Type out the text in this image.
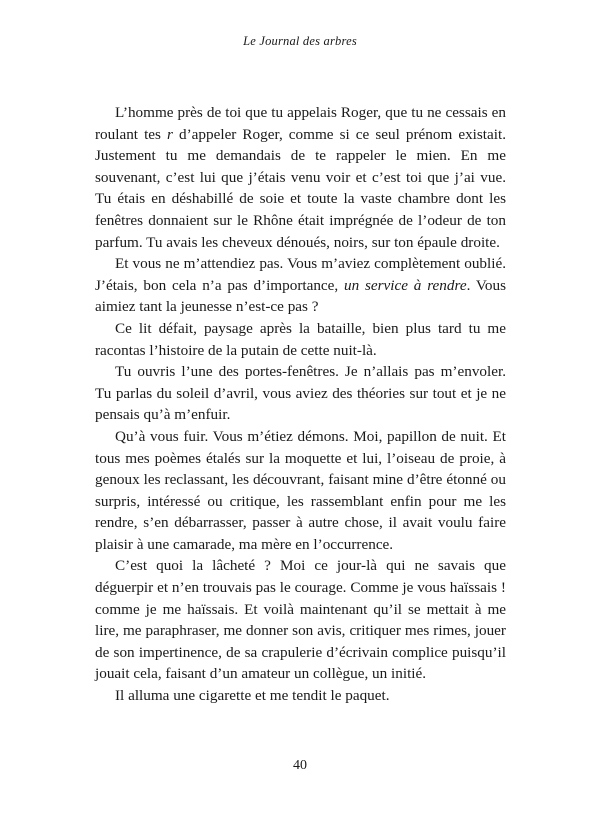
Le Journal des arbres

L’homme près de toi que tu appelais Roger, que tu ne cessais en roulant tes r d’appeler Roger, comme si ce seul prénom existait. Justement tu me demandais de te rappeler le mien. En me souvenant, c’est lui que j’étais venu voir et c’est toi que j’ai vue. Tu étais en déshabillé de soie et toute la vaste chambre dont les fenêtres donnaient sur le Rhône était imprégnée de l’odeur de ton parfum. Tu avais les cheveux dénoués, noirs, sur ton épaule droite.

Et vous ne m’attendiez pas. Vous m’aviez complètement oublié. J’étais, bon cela n’a pas d’importance, un service à rendre. Vous aimiez tant la jeunesse n’est-ce pas ?

Ce lit défait, paysage après la bataille, bien plus tard tu me racontas l’histoire de la putain de cette nuit-là.

Tu ouvris l’une des portes-fenêtres. Je n’allais pas m’envoler. Tu parlas du soleil d’avril, vous aviez des théories sur tout et je ne pensais qu’à m’enfuir.

Qu’à vous fuir. Vous m’étiez démons. Moi, papillon de nuit. Et tous mes poèmes étalés sur la moquette et lui, l’oiseau de proie, à genoux les reclassant, les découvrant, faisant mine d’être étonné ou surpris, intéressé ou critique, les rassemblant enfin pour me les rendre, s’en débarrasser, passer à autre chose, il avait voulu faire plaisir à une camarade, ma mère en l’occurrence.

C’est quoi la lâcheté ? Moi ce jour-là qui ne savais que déguerpir et n’en trouvais pas le courage. Comme je vous haïssais ! comme je me haïssais. Et voilà maintenant qu’il se mettait à me lire, me paraphraser, me donner son avis, critiquer mes rimes, jouer de son impertinence, de sa crapulerie d’écrivain complice puisqu’il jouait cela, faisant d’un amateur un collègue, un initié.

Il alluma une cigarette et me tendit le paquet.

40
